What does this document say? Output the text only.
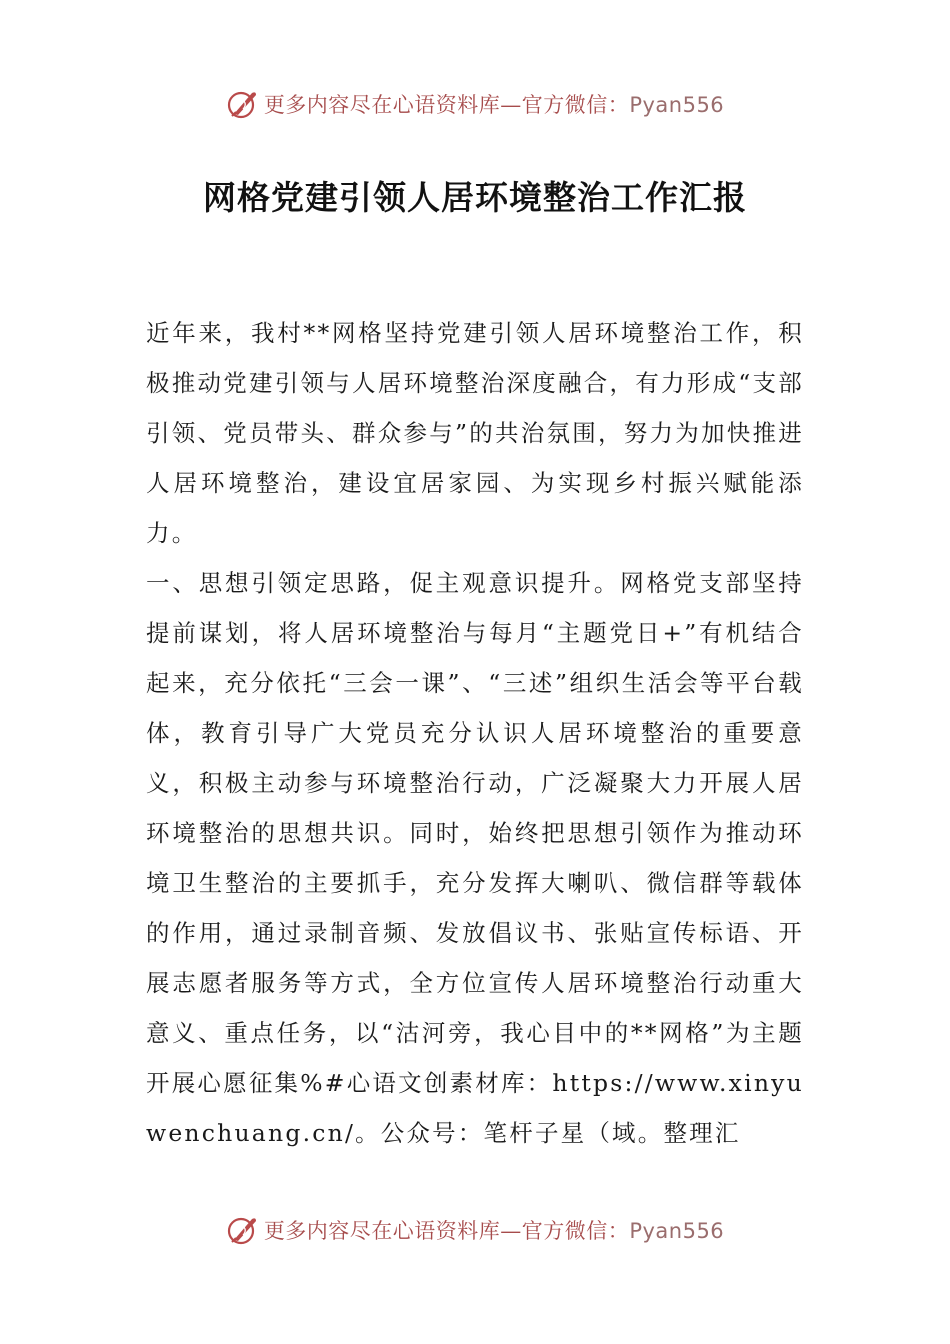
更多内容尽在心语资料库—官方微信：Pyan556
网格党建引领人居环境整治工作汇报

近年来，我村**网格坚持党建引领人居环境整治工作，积极推动党建引领与人居环境整治深度融合，有力形成“支部引领、党员带头、群众参与”的共治氛围，努力为加快推进人居环境整治，建设宜居家园、为实现乡村振兴赋能添力。

一、思想引领定思路，促主观意识提升。网格党支部坚持提前谋划，将人居环境整治与每月“主题党日+”有机结合起来，充分依托“三会一课”、“三述”组织生活会等平台载体，教育引导广大党员充分认识人居环境整治的重要意义，积极主动参与环境整治行动，广泛凝聚大力开展人居环境整治的思想共识。同时，始终把思想引领作为推动环境卫生整治的主要抓手，充分发挥大喇叭、微信群等载体的作用，通过录制音频、发放倡议书、张贴宣传标语、开展志愿者服务等方式，全方位宣传人居环境整治行动重大意义、重点任务，以“沽河旁，我心目中的**网格”为主题开展心愿征集%#心语文创素材库：https://www.xinyuwenchuang.cn/。公众号：笔杆子星（域。整理汇

更多内容尽在心语资料库—官方微信：Pyan556
